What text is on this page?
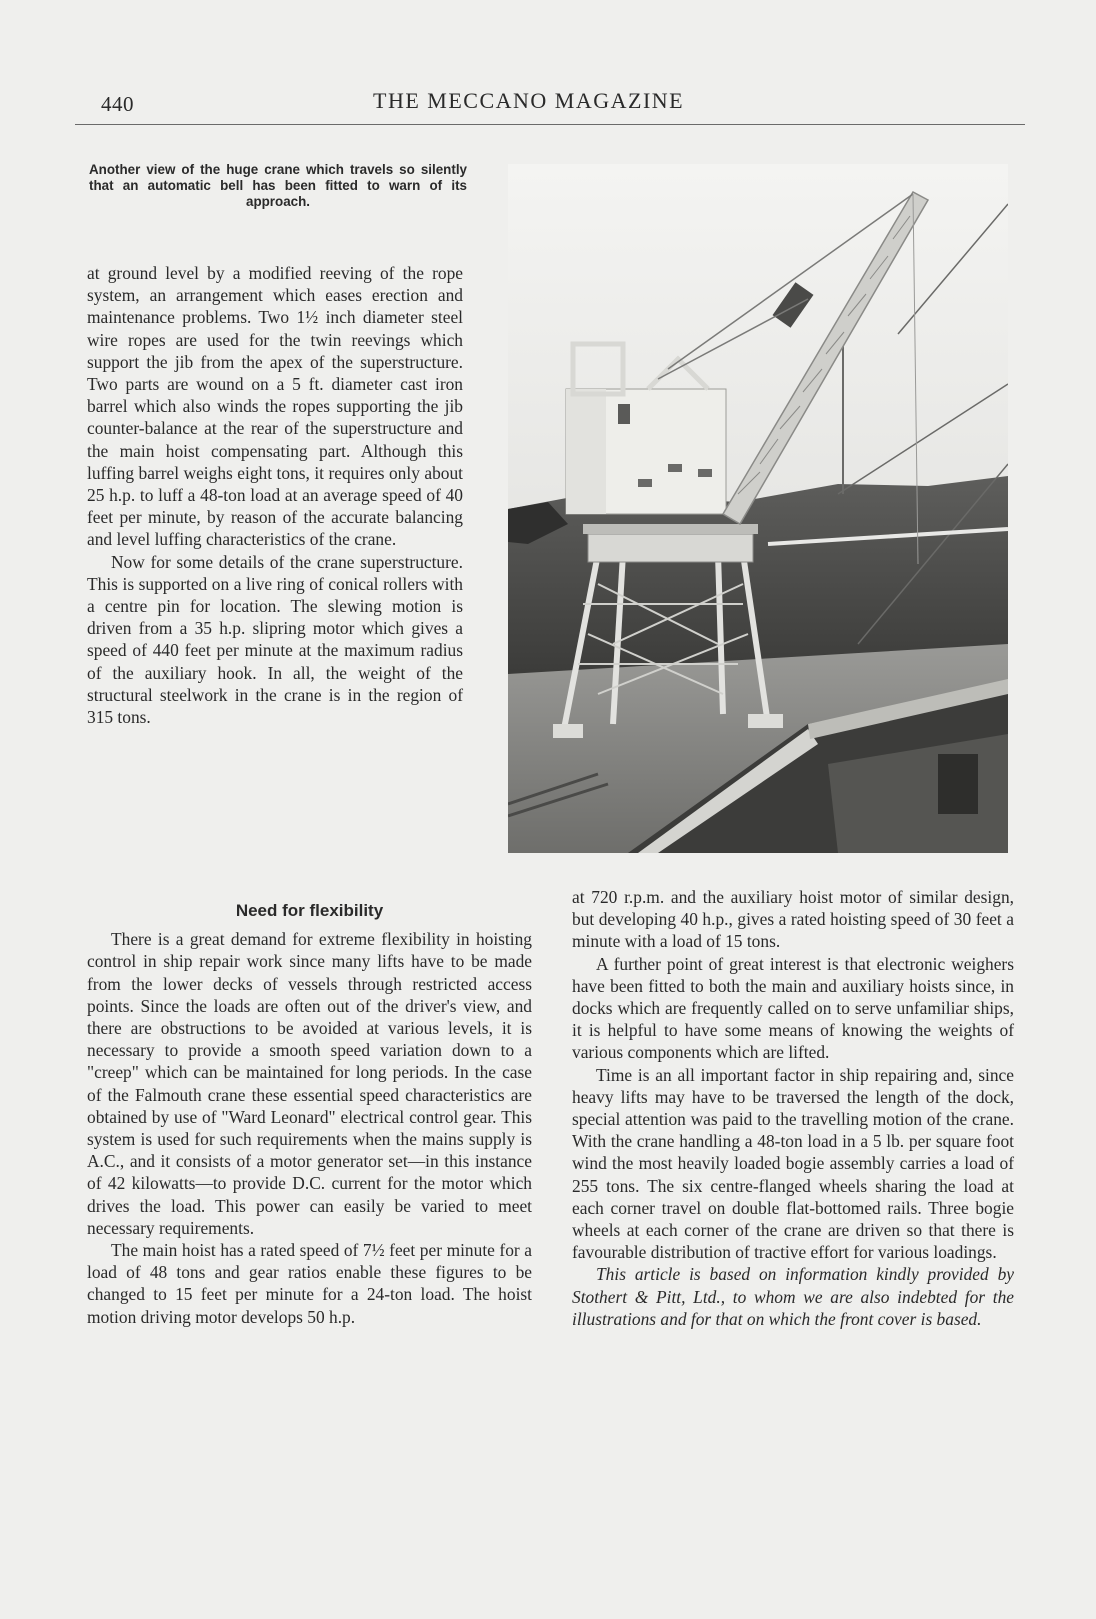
440	THE MECCANO MAGAZINE
Another view of the huge crane which travels so silently that an automatic bell has been fitted to warn of its approach.

at ground level by a modified reeving of the rope system, an arrangement which eases erection and maintenance problems. Two 1½ inch diameter steel wire ropes are used for the twin reevings which support the jib from the apex of the superstructure. Two parts are wound on a 5 ft. diameter cast iron barrel which also winds the ropes supporting the jib counter-balance at the rear of the superstructure and the main hoist compensating part. Although this luffing barrel weighs eight tons, it requires only about 25 h.p. to luff a 48-ton load at an average speed of 40 feet per minute, by reason of the accurate balancing and level luffing characteristics of the crane.

Now for some details of the crane superstructure. This is supported on a live ring of conical rollers with a centre pin for location. The slewing motion is driven from a 35 h.p. slipring motor which gives a speed of 440 feet per minute at the maximum radius of the auxiliary hook. In all, the weight of the structural steelwork in the crane is in the region of 315 tons.

Need for flexibility

There is a great demand for extreme flexibility in hoisting control in ship repair work since many lifts have to be made from the lower decks of vessels through restricted access points. Since the loads are often out of the driver's view, and there are obstructions to be avoided at various levels, it is necessary to provide a smooth speed variation down to a "creep" which can be maintained for long periods. In the case of the Falmouth crane these essential speed characteristics are obtained by use of "Ward Leonard" electrical control gear. This system is used for such requirements when the mains supply is A.C., and it consists of a motor generator set—in this instance of 42 kilowatts—to provide D.C. current for the motor which drives the load. This power can easily be varied to meet necessary requirements.

The main hoist has a rated speed of 7½ feet per minute for a load of 48 tons and gear ratios enable these figures to be changed to 15 feet per minute for a 24-ton load. The hoist motion driving motor develops 50 h.p.

at 720 r.p.m. and the auxiliary hoist motor of similar design, but developing 40 h.p., gives a rated hoisting speed of 30 feet a minute with a load of 15 tons.

A further point of great interest is that electronic weighers have been fitted to both the main and auxiliary hoists since, in docks which are frequently called on to serve unfamiliar ships, it is helpful to have some means of knowing the weights of various components which are lifted.

Time is an all important factor in ship repairing and, since heavy lifts may have to be traversed the length of the dock, special attention was paid to the travelling motion of the crane. With the crane handling a 48-ton load in a 5 lb. per square foot wind the most heavily loaded bogie assembly carries a load of 255 tons. The six centre-flanged wheels sharing the load at each corner travel on double flat-bottomed rails. Three bogie wheels at each corner of the crane are driven so that there is favourable distribution of tractive effort for various loadings.

This article is based on information kindly provided by Stothert & Pitt, Ltd., to whom we are also indebted for the illustrations and for that on which the front cover is based.
